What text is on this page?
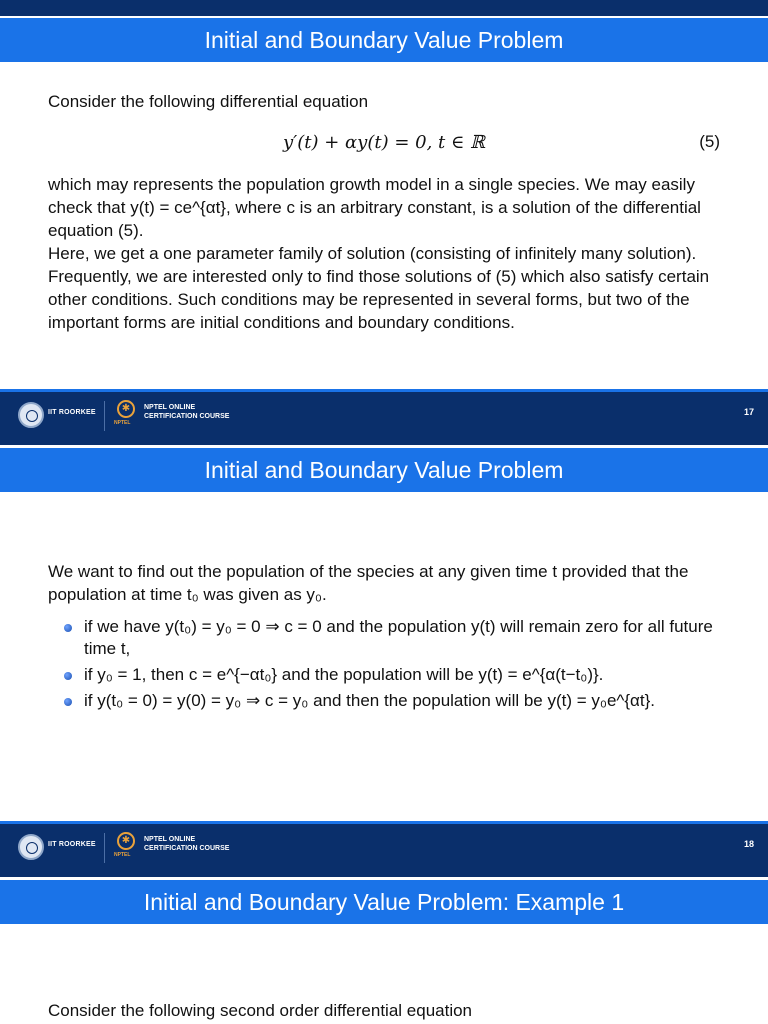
Initial and Boundary Value Problem

Consider the following differential equation

y′(t) + αy(t) = 0, t ∈ ℝ	(5)

which may represents the population growth model in a single species. We may easily check that y(t) = ce^{αt}, where c is an arbitrary constant, is a solution of the differential equation (5).

Here, we get a one parameter family of solution (consisting of infinitely many solution). Frequently, we are interested only to find those solutions of (5) which also satisfy certain other conditions. Such conditions may be represented in several forms, but two of the important forms are initial conditions and boundary conditions.

IIT ROORKEE	✱
NPTEL
NPTEL ONLINE
CERTIFICATION COURSE	17
Initial and Boundary Value Problem

We want to find out the population of the species at any given time t provided that the population at time t₀ was given as y₀.

if we have y(t₀) = y₀ = 0 ⇒ c = 0 and the population y(t) will remain zero for all future time t,
if y₀ = 1, then c = e^{−αt₀} and the population will be y(t) = e^{α(t−t₀)}.
if y(t₀ = 0) = y(0) = y₀ ⇒ c = y₀ and then the population will be y(t) = y₀e^{αt}.
IIT ROORKEE	✱
NPTEL
NPTEL ONLINE
CERTIFICATION COURSE	18
Initial and Boundary Value Problem: Example 1

Consider the following second order differential equation
